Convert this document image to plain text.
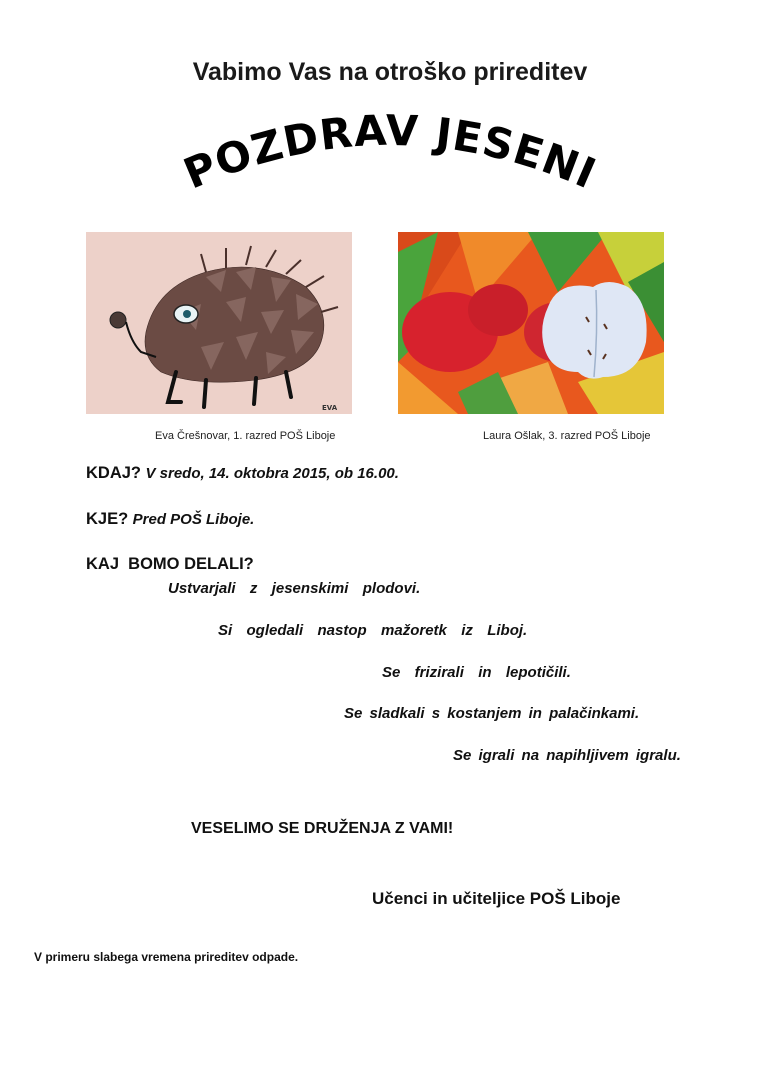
Vabimo Vas na otroško prireditev
POZDRAV JESENI
EVA
Eva Črešnovar, 1. razred POŠ Liboje	Laura Ošlak, 3. razred POŠ Liboje
KDAJ? V sredo, 14. oktobra 2015, ob 16.00.
KJE? Pred POŠ Liboje.
KAJ  BOMO DELALI?
Ustvarjali  z  jesenskimi  plodovi.
Si  ogledali  nastop  mažoretk  iz  Liboj.
Se  frizirali  in  lepotičili.
Se sladkali s kostanjem in palačinkami.
Se igrali na napihljivem igralu.
VESELIMO SE DRUŽENJA Z VAMI!
Učenci in učiteljice POŠ Liboje
V primeru slabega vremena prireditev odpade.
